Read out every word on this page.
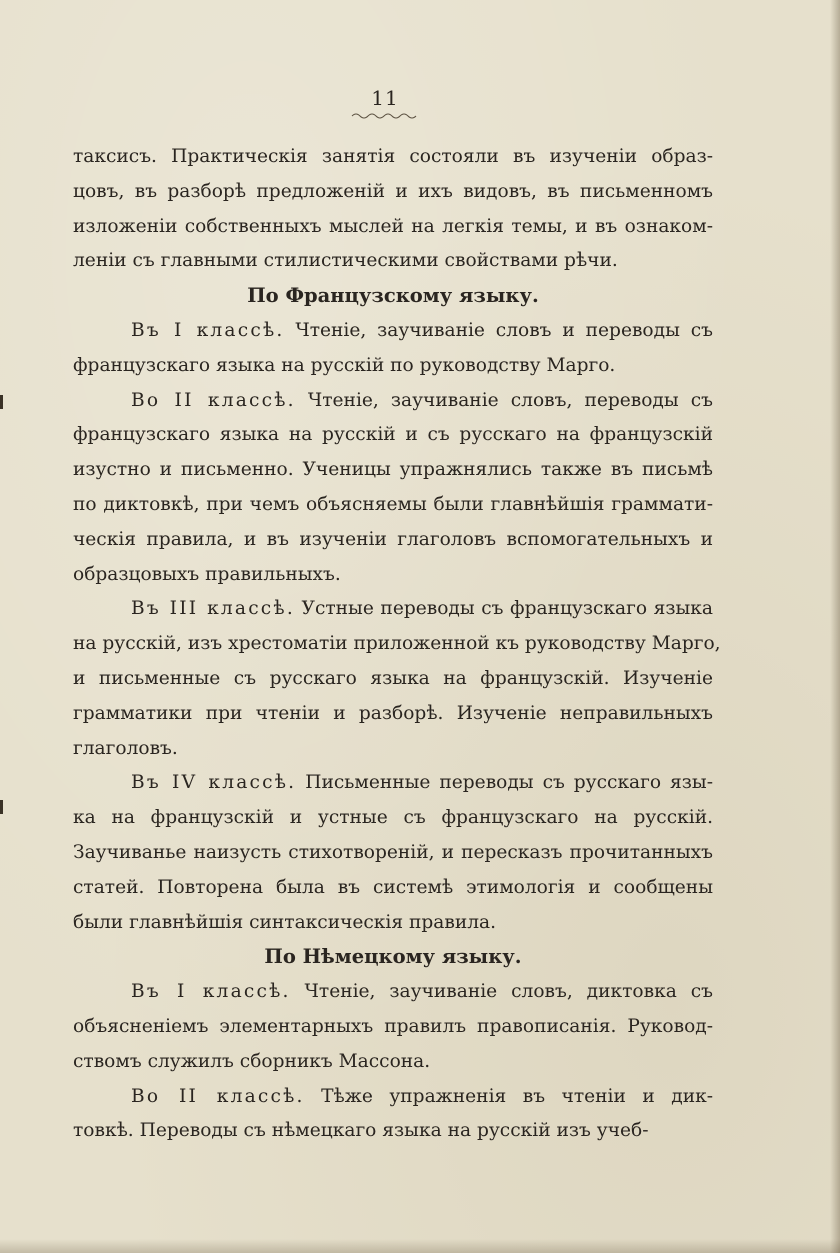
11
таксисъ. Практическія занятія состояли въ изученіи образ-
цовъ, въ разборѣ предложеній и ихъ видовъ, въ письменномъ
изложеніи собственныхъ мыслей на легкія темы, и въ ознаком-
леніи съ главными стилистическими свойствами рѣчи.
По Французскому языку.
Въ I классѣ. Чтеніе, заучиваніе словъ и переводы съ
французскаго языка на русскій по руководству Марго.
Во II классѣ. Чтеніе, заучиваніе словъ, переводы съ
французскаго языка на русскій и съ русскаго на французскій
изустно и письменно. Ученицы упражнялись также въ письмѣ
по диктовкѣ, при чемъ объясняемы были главнѣйшія граммати-
ческія правила, и въ изученіи глаголовъ вспомогательныхъ и
образцовыхъ правильныхъ.
Въ III классѣ. Устные переводы съ французскаго языка
на русскій, изъ хрестоматіи приложенной къ руководству Марго,
и письменные съ русскаго языка на французскій. Изученіе
грамматики при чтеніи и разборѣ. Изученіе неправильныхъ
глаголовъ.
Въ IV классѣ. Письменные переводы съ русскаго язы-
ка на французскій и устные съ французскаго на русскій.
Заучиванье наизусть стихотвореній, и пересказъ прочитанныхъ
статей. Повторена была въ системѣ этимологія и сообщены
были главнѣйшія синтаксическія правила.
По Нѣмецкому языку.
Въ I классѣ. Чтеніе, заучиваніе словъ, диктовка съ
объясненіемъ элементарныхъ правилъ правописанія. Руковод-
ствомъ служилъ сборникъ Массона.
Во II классѣ. Тѣже упражненія въ чтеніи и дик-
товкѣ. Переводы съ нѣмецкаго языка на русскій изъ учеб-
